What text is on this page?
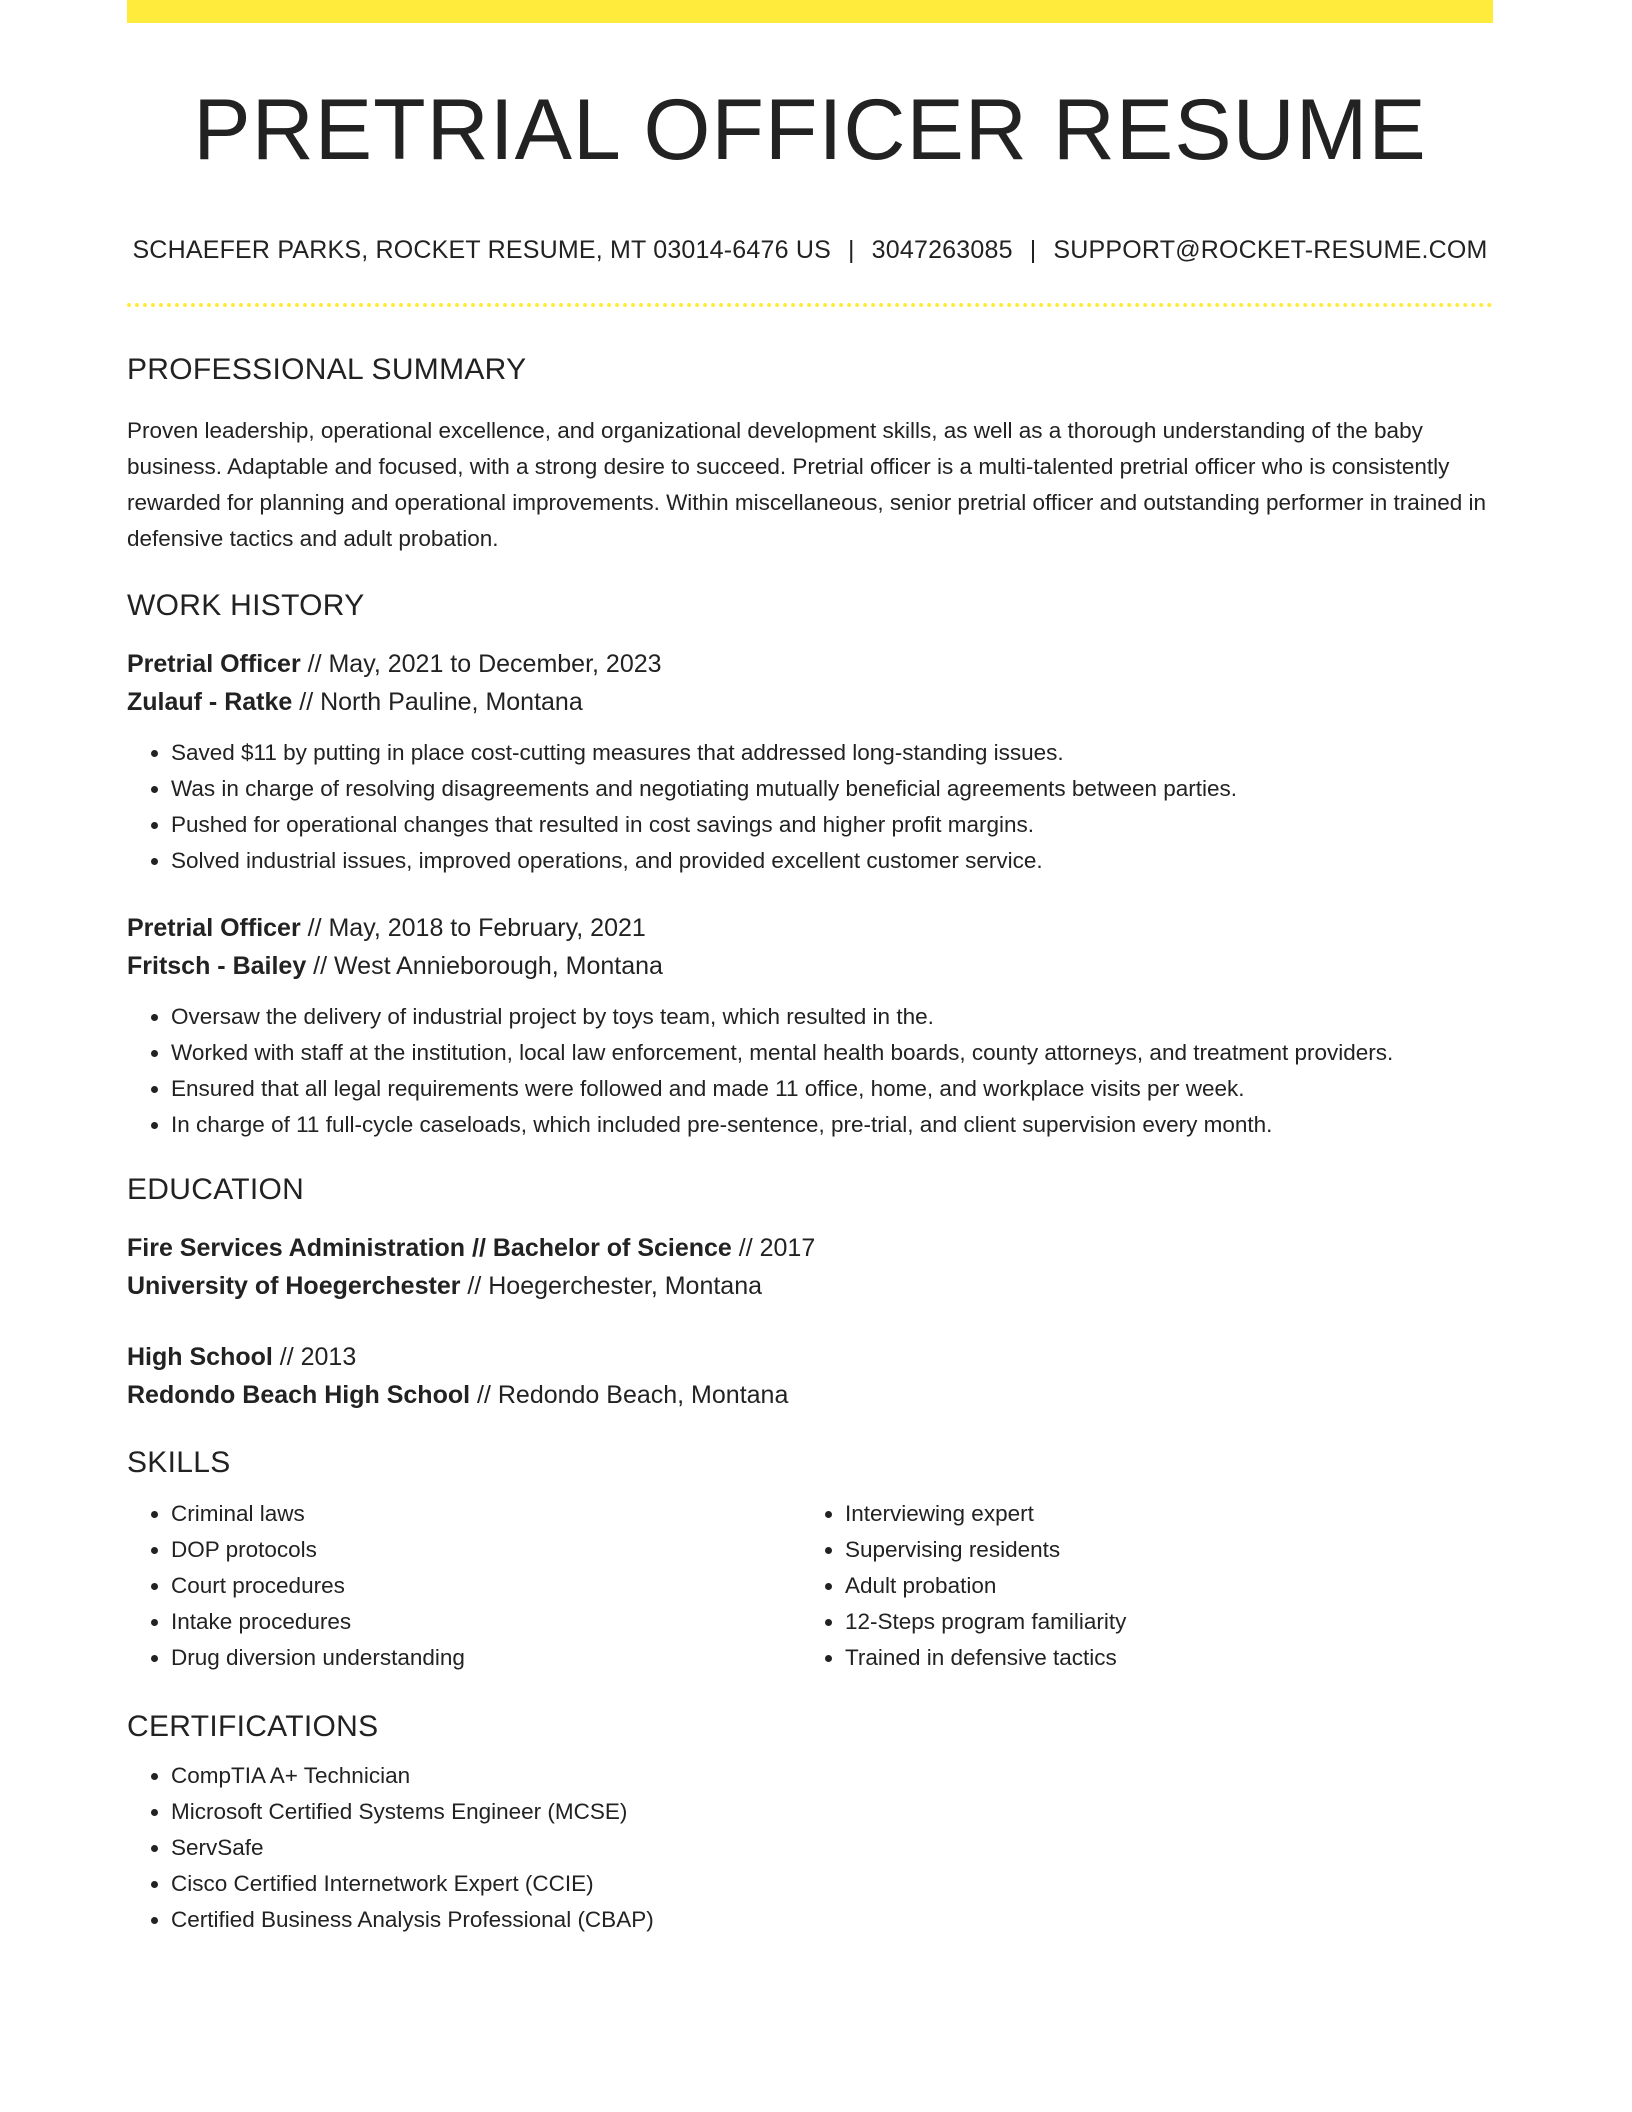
PRETRIAL OFFICER RESUME
SCHAEFER PARKS, ROCKET RESUME, MT 03014-6476 US | 3047263085 | SUPPORT@ROCKET-RESUME.COM
PROFESSIONAL SUMMARY
Proven leadership, operational excellence, and organizational development skills, as well as a thorough understanding of the baby business. Adaptable and focused, with a strong desire to succeed. Pretrial officer is a multi-talented pretrial officer who is consistently rewarded for planning and operational improvements. Within miscellaneous, senior pretrial officer and outstanding performer in trained in defensive tactics and adult probation.
WORK HISTORY
Pretrial Officer // May, 2021 to December, 2023
Zulauf - Ratke // North Pauline, Montana
• Saved $11 by putting in place cost-cutting measures that addressed long-standing issues.
• Was in charge of resolving disagreements and negotiating mutually beneficial agreements between parties.
• Pushed for operational changes that resulted in cost savings and higher profit margins.
• Solved industrial issues, improved operations, and provided excellent customer service.
Pretrial Officer // May, 2018 to February, 2021
Fritsch - Bailey // West Annieborough, Montana
• Oversaw the delivery of industrial project by toys team, which resulted in the.
• Worked with staff at the institution, local law enforcement, mental health boards, county attorneys, and treatment providers.
• Ensured that all legal requirements were followed and made 11 office, home, and workplace visits per week.
• In charge of 11 full-cycle caseloads, which included pre-sentence, pre-trial, and client supervision every month.
EDUCATION
Fire Services Administration // Bachelor of Science // 2017
University of Hoegerchester // Hoegerchester, Montana
High School // 2013
Redondo Beach High School // Redondo Beach, Montana
SKILLS
• Criminal laws
• DOP protocols
• Court procedures
• Intake procedures
• Drug diversion understanding
• Interviewing expert
• Supervising residents
• Adult probation
• 12-Steps program familiarity
• Trained in defensive tactics
CERTIFICATIONS
• CompTIA A+ Technician
• Microsoft Certified Systems Engineer (MCSE)
• ServSafe
• Cisco Certified Internetwork Expert (CCIE)
• Certified Business Analysis Professional (CBAP)
